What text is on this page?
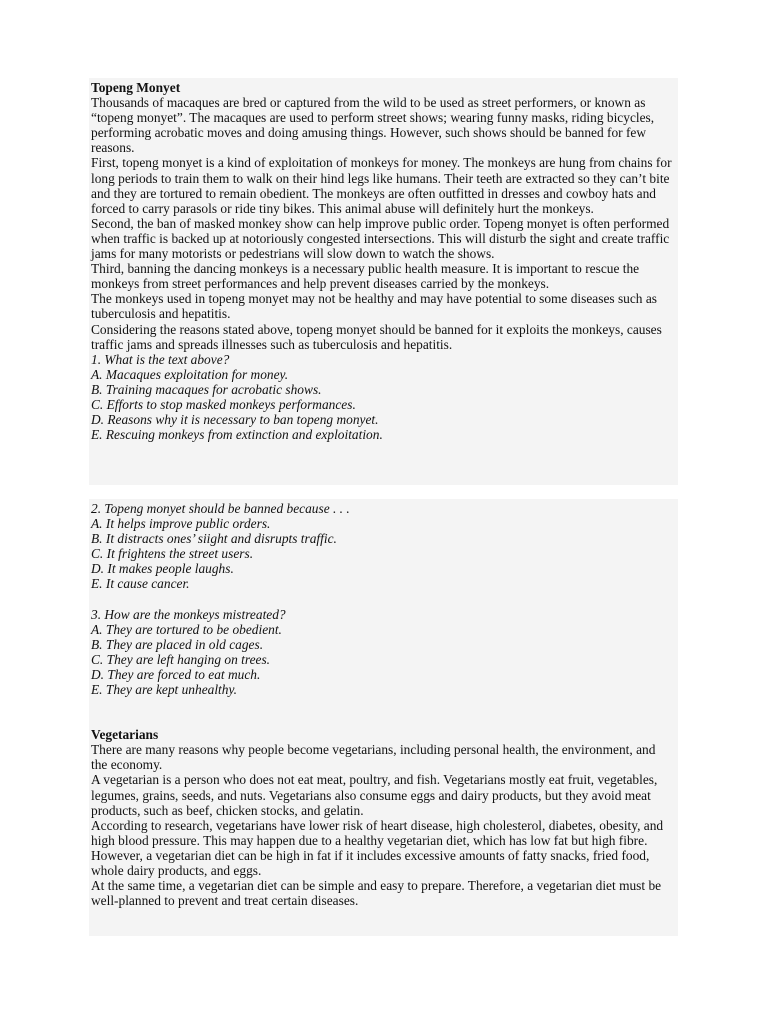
Topeng Monyet

Thousands of macaques are bred or captured from the wild to be used as street performers, or known as “topeng monyet”. The macaques are used to perform street shows; wearing funny masks, riding bicycles, performing acrobatic moves and doing amusing things. However, such shows should be banned for few reasons.

First, topeng monyet is a kind of exploitation of monkeys for money. The monkeys are hung from chains for long periods to train them to walk on their hind legs like humans. Their teeth are extracted so they can’t bite and they are tortured to remain obedient. The monkeys are often outfitted in dresses and cowboy hats and forced to carry parasols or ride tiny bikes. This animal abuse will definitely hurt the monkeys.

Second, the ban of masked monkey show can help improve public order. Topeng monyet is often performed when traffic is backed up at notoriously congested intersections. This will disturb the sight and create traffic jams for many motorists or pedestrians will slow down to watch the shows.

Third, banning the dancing monkeys is a necessary public health measure. It is important to rescue the monkeys from street performances and help prevent diseases carried by the monkeys.

The monkeys used in topeng monyet may not be healthy and may have potential to some diseases such as tuberculosis and hepatitis.

Considering the reasons stated above, topeng monyet should be banned for it exploits the monkeys, causes traffic jams and spreads illnesses such as tuberculosis and hepatitis.

1. What is the text above?

A. Macaques exploitation for money.

B. Training macaques for acrobatic shows.

C. Efforts to stop masked monkeys performances.

D. Reasons why it is necessary to ban topeng monyet.

E. Rescuing monkeys from extinction and exploitation.

2. Topeng monyet should be banned because . . .

A. It helps improve public orders.

B. It distracts ones’ siight and disrupts traffic.

C. It frightens the street users.

D. It makes people laughs.

E. It cause cancer.

3. How are the monkeys mistreated?

A. They are tortured to be obedient.

B. They are placed in old cages.

C. They are left hanging on trees.

D. They are forced to eat much.

E. They are kept unhealthy.

Vegetarians

There are many reasons why people become vegetarians, including personal health, the environment, and the economy.

A vegetarian is a person who does not eat meat, poultry, and fish. Vegetarians mostly eat fruit, vegetables, legumes, grains, seeds, and nuts. Vegetarians also consume eggs and dairy products, but they avoid meat products, such as beef, chicken stocks, and gelatin.

According to research, vegetarians have lower risk of heart disease, high cholesterol, diabetes, obesity, and high blood pressure. This may happen due to a healthy vegetarian diet, which has low fat but high fibre.

However, a vegetarian diet can be high in fat if it includes excessive amounts of fatty snacks, fried food, whole dairy products, and eggs.

At the same time, a vegetarian diet can be simple and easy to prepare. Therefore, a vegetarian diet must be well-planned to prevent and treat certain diseases.
